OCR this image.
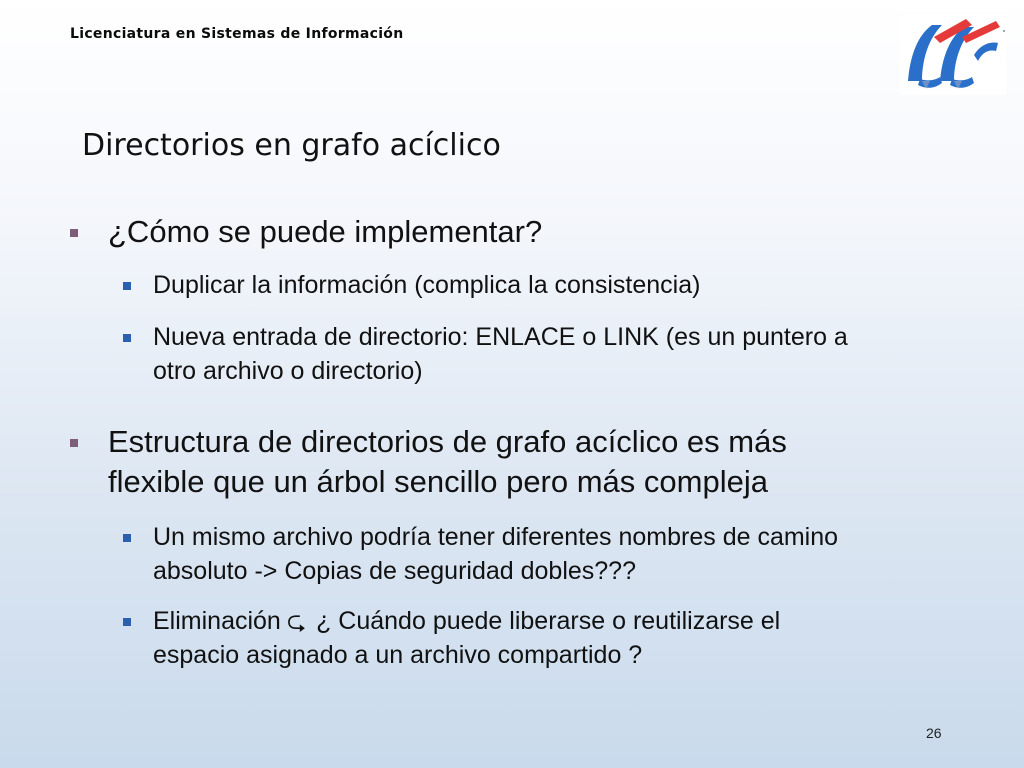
Licenciatura en Sistemas de Información
Directorios en grafo acíclico
¿Cómo se puede implementar?
Duplicar la información (complica la consistencia)
Nueva entrada de directorio: ENLACE o LINK (es un puntero a
otro archivo o directorio)
Estructura de directorios de grafo acíclico es más
flexible que un árbol sencillo pero más compleja
Un mismo archivo podría tener diferentes nombres de camino
absoluto -> Copias de seguridad dobles???
Eliminación ⮎ ¿ Cuándo puede liberarse o reutilizarse el
espacio asignado a un archivo compartido ?
26
